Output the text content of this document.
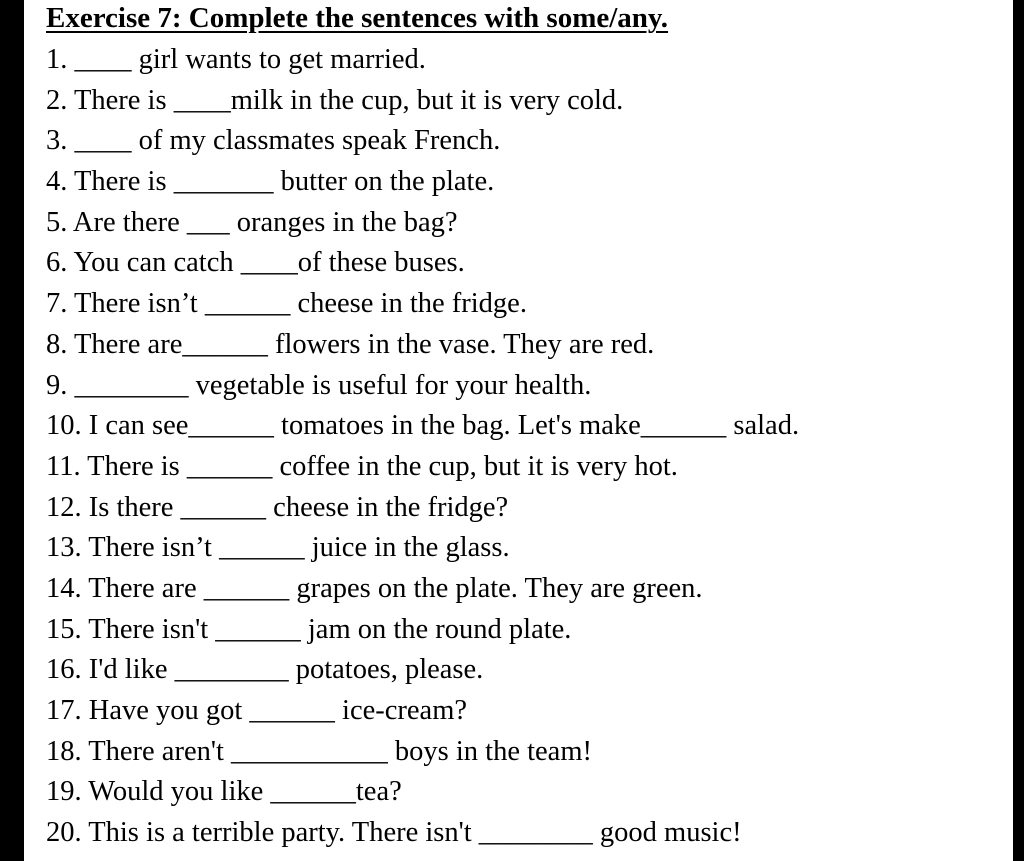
Exercise 7: Complete the sentences with some/any.
1. ____ girl wants to get married.
2. There is ____milk in the cup, but it is very cold.
3. ____ of my classmates speak French.
4. There is _______ butter on the plate.
5. Are there ___ oranges in the bag?
6. You can catch ____of these buses.
7. There isn’t ______ cheese in the fridge.
8. There are______ flowers in the vase. They are red.
9. ________ vegetable is useful for your health.
10. I can see______ tomatoes in the bag. Let's make______ salad.
11. There is ______ coffee in the cup, but it is very hot.
12. Is there ______ cheese in the fridge?
13. There isn’t ______ juice in the glass.
14. There are ______ grapes on the plate. They are green.
15. There isn't ______ jam on the round plate.
16. I'd like ________ potatoes, please.
17. Have you got ______ ice-cream?
18. There aren't ___________ boys in the team!
19. Would you like ______tea?
20. This is a terrible party. There isn't ________ good music!
